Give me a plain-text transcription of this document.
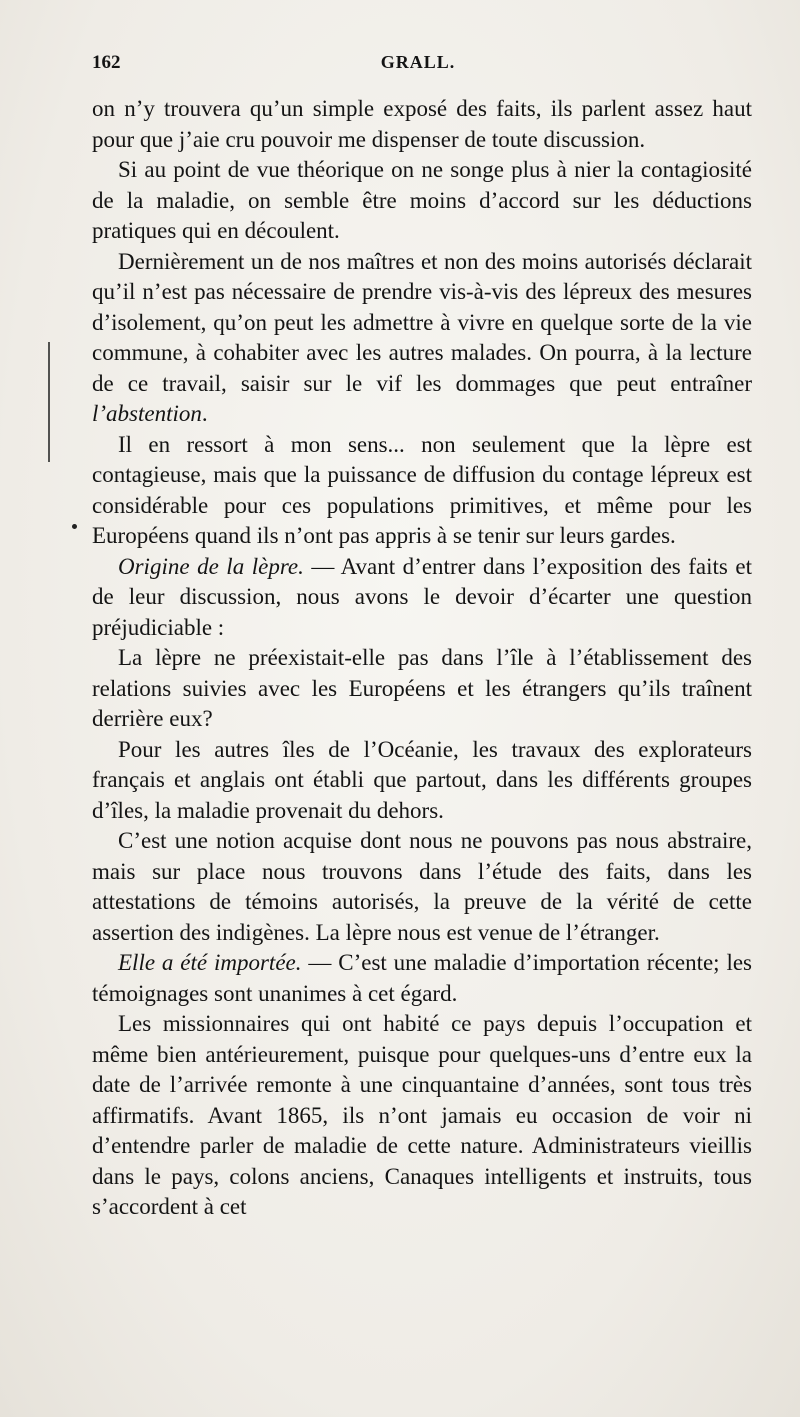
162	GRALL.

on n’y trouvera qu’un simple exposé des faits, ils parlent assez haut pour que j’aie cru pouvoir me dispenser de toute discussion.

Si au point de vue théorique on ne songe plus à nier la contagiosité de la maladie, on semble être moins d’accord sur les déductions pratiques qui en découlent.

Dernièrement un de nos maîtres et non des moins autorisés déclarait qu’il n’est pas nécessaire de prendre vis-à-vis des lépreux des mesures d’isolement, qu’on peut les admettre à vivre en quelque sorte de la vie commune, à cohabiter avec les autres malades. On pourra, à la lecture de ce travail, saisir sur le vif les dommages que peut entraîner l’abstention.

Il en ressort à mon sens... non seulement que la lèpre est contagieuse, mais que la puissance de diffusion du contage lépreux est considérable pour ces populations primitives, et même pour les Européens quand ils n’ont pas appris à se tenir sur leurs gardes.

Origine de la lèpre. — Avant d’entrer dans l’exposition des faits et de leur discussion, nous avons le devoir d’écarter une question préjudiciable :

La lèpre ne préexistait-elle pas dans l’île à l’établissement des relations suivies avec les Européens et les étrangers qu’ils traînent derrière eux?

Pour les autres îles de l’Océanie, les travaux des explorateurs français et anglais ont établi que partout, dans les différents groupes d’îles, la maladie provenait du dehors.

C’est une notion acquise dont nous ne pouvons pas nous abstraire, mais sur place nous trouvons dans l’étude des faits, dans les attestations de témoins autorisés, la preuve de la vérité de cette assertion des indigènes. La lèpre nous est venue de l’étranger.

Elle a été importée. — C’est une maladie d’importation récente; les témoignages sont unanimes à cet égard.

Les missionnaires qui ont habité ce pays depuis l’occupation et même bien antérieurement, puisque pour quelques-uns d’entre eux la date de l’arrivée remonte à une cinquantaine d’années, sont tous très affirmatifs. Avant 1865, ils n’ont jamais eu occasion de voir ni d’entendre parler de maladie de cette nature. Administrateurs vieillis dans le pays, colons anciens, Canaques intelligents et instruits, tous s’accordent à cet
